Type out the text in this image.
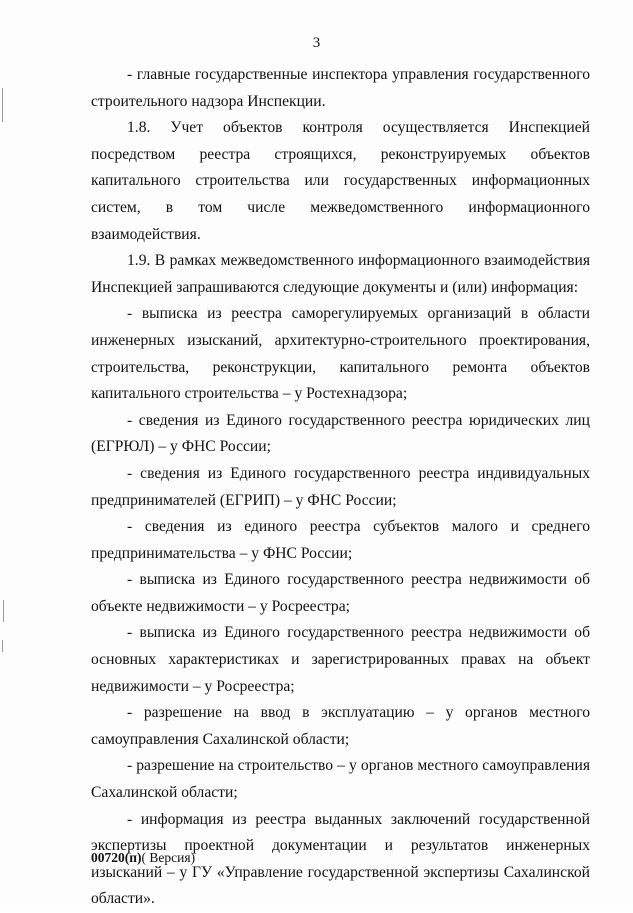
3

- главные государственные инспектора управления государственного строительного надзора Инспекции.

1.8. Учет объектов контроля осуществляется Инспекцией посредством реестра строящихся, реконструируемых объектов капитального строительства или государственных информационных систем, в том числе межведомственного информационного взаимодействия.

1.9. В рамках межведомственного информационного взаимодействия Инспекцией запрашиваются следующие документы и (или) информация:

- выписка из реестра саморегулируемых организаций в области инженерных изысканий, архитектурно-строительного проектирования, строительства, реконструкции, капитального ремонта объектов капитального строительства – у Ростехнадзора;

- сведения из Единого государственного реестра юридических лиц (ЕГРЮЛ) – у ФНС России;

- сведения из Единого государственного реестра индивидуальных предпринимателей (ЕГРИП) – у ФНС России;

- сведения из единого реестра субъектов малого и среднего предпринимательства – у ФНС России;

- выписка из Единого государственного реестра недвижимости об объекте недвижимости – у Росреестра;

- выписка из Единого государственного реестра недвижимости об основных характеристиках и зарегистрированных правах на объект недвижимости – у Росреестра;

- разрешение на ввод в эксплуатацию – у органов местного самоуправления Сахалинской области;

- разрешение на строительство – у органов местного самоуправления Сахалинской области;

- информация из реестра выданных заключений государственной экспертизы проектной документации и результатов инженерных изысканий – у ГУ «Управление государственной экспертизы Сахалинской области».

00720(п)( Версия)
